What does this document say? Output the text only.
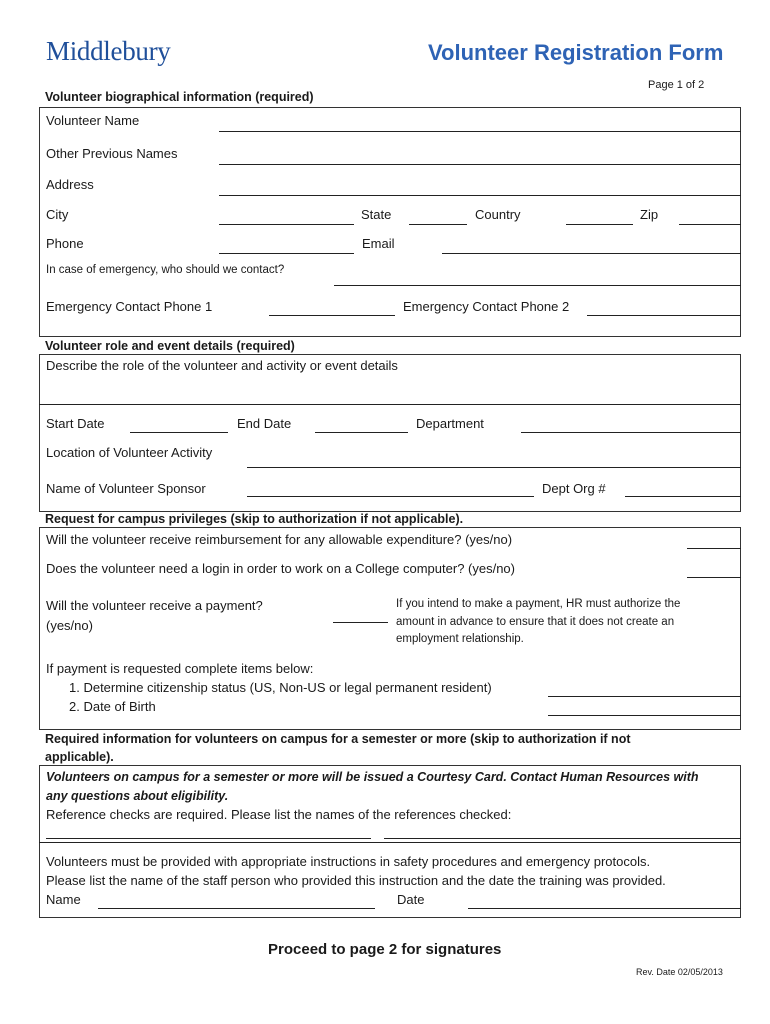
Middlebury	Volunteer Registration Form
Page 1 of 2
Volunteer biographical information (required)
Volunteer Name
Other Previous Names
Address
City	State	Country	Zip
Phone	Email
In case of emergency, who should we contact?
Emergency Contact Phone 1	Emergency Contact Phone 2
Volunteer role and event details (required)
Describe the role of the volunteer and activity or event details
Start Date	End Date	Department
Location of Volunteer Activity
Name of Volunteer Sponsor	Dept Org #
Request for campus privileges (skip to authorization if not applicable).
Will the volunteer receive reimbursement for any allowable expenditure? (yes/no)
Does the volunteer need a login in order to work on a College computer? (yes/no)
Will the volunteer receive a payment?
(yes/no)
If you intend to make a payment, HR must authorize the
amount in advance to ensure that it does not create an
employment relationship.
If payment is requested complete items below:
1. Determine citizenship status (US, Non-US or legal permanent resident)
2. Date of Birth
Required information for volunteers on campus for a semester or more (skip to authorization if not
applicable).
Volunteers on campus for a semester or more will be issued a Courtesy Card. Contact Human Resources with
any questions about eligibility.
Reference checks are required. Please list the names of the references checked:
Volunteers must be provided with appropriate instructions in safety procedures and emergency protocols.
Please list the name of the staff person who provided this instruction and the date the training was provided.
Name	Date
Proceed to page 2 for signatures
Rev. Date 02/05/2013
